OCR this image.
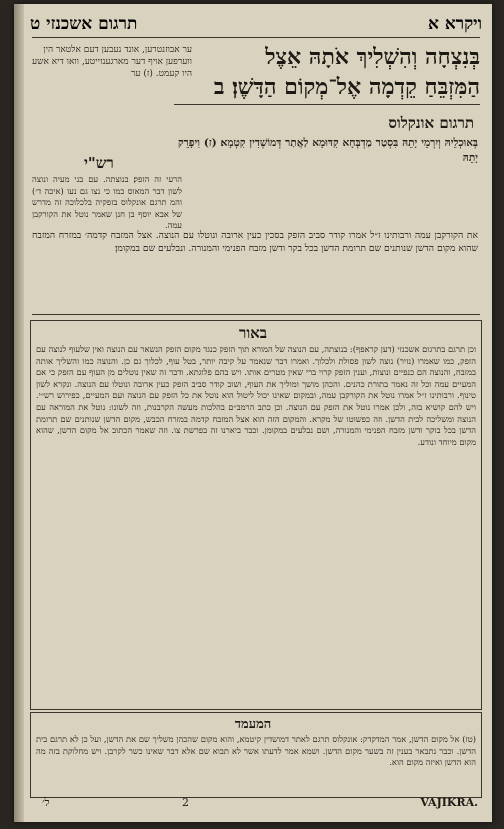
ויקרא א
תרגום אשכנזי ט
בְּנִצְחָה וְהִשְׁלִיךְ אֹתָהּ אֵצֶל
הַמִּזְבֵּחַ קֵדְמָה אֶל־מְקוֹם הַדָּשֶׁן׃ ב
ער אבוזנטרען, אונד נעבען דעם אלטאר הין ווערפען אויף דער מארגענזייטע, וואו דיא אשע היו קעמט. (ז) ער
תרגום אונקלוס
בְּאוּכְלֵיהּ וְיִרְמֵי יָתֵהּ בִּסְטַר מַדְבְּחָא קִדּוּמָא לַאֲתַר דְּמוֹשְׁדִין קִטְמָא׃ (ז) וִיפָרֵק יָתֵהּ
רש"י
הרעי זה הזפק׃ בנוצתה. עם בני מעיה ונוצה לשון דבר המאוס כמו כי נצו גם נעו (איכה ד׳) והמ תרגם אונקלוס בזפקיה בלכלוכה זה מדרש של אבא יוסף בן חנן שאמר נוטל את הקורקבן עמה.
את הקורקבן עמה ורבותינו ז״ל אמרו קודר סביב הזפק בסכין כעין ארובה ונוטלו עם הנוצה. אצל המזבח קדמה׳ במזרח המזבח שהוא מקום הדשן שנותנים שם תרומת הדשן בכל בקר ודשן מזבח הפנימי והמנורה. ונבלעים שם במקומן׃
באור
וכן תרגם בתרגום אשכנזי (דען קראפף): בנוצתה, עם הנוצה של המורא תוך הזפק כנגד מקום הזפק הנשאר עם הנוצה ואין שלעוף לנוצה עם הזפק, כמו שאמרו (נזיר) נוצה לשון פסולת ולכלוך. ואמרו דבר שנאמר על קיבה יותר, בטל עוף, לכלוך גם כן. והנוצה כמו והשליך אותה במזבח, והנוצה הם כנפיים ונוצות, וענין הזפק קרוי ברי שאין מטרים אותו. ויש בהם פלוגתא. ודבר זה שאין נוטלים מן העוף עם הזפק כי אם המעיים עמה וכל זה נאמר בתורת כהנים. והכהן מושך ומוליך את העוף, ושוב קודר סביב הזפק כעין ארובה ונוטלו עם הנוצה. ונקרא לשון טינוף. ורבותינו ז״ל אמרו נוטל את הקורקבן עמה, ובמקום שאינו יכול ליטול הוא נוטל את כל הזפק עם הנוצה ועם המעיים, כפירוש רש״י. ויש להם קושיא בזה, ולכן אמרו נוטל את הזפק עם הנוצה. וכן כתב הרמב״ם בהלכות מעשה הקרבנות, וזה לשונו: נוטל את המוראה עם הנוצה ומשליכה לבית הדשן. וזה כפשוטו של מקרא. והמקום הזה הוא אצל המזבח קדמה במזרח הכבש, מקום הדשן שנותנים שם תרומת הדשן בכל בוקר ודשן מזבח הפנימי והמנורה, ושם נבלעים במקומן. וכבר ביארנו זה בפרשת צו. וזה שאמר הכתוב אל מקום הדשן, שהוא מקום מיוחד ונודע.
המעמד
(טז) אל מקום הדשן, אמר המדקדק: אונקלוס תרגם לאתר דמושדין קיטמא, והוא מקום שהכהן משליך שם את הדשן, ועל כן לא תרגם בית הדשן. וכבר נתבאר בענין זה בשער מקום הדשן. ושמא אמר לדעתו אשר לא תבוא שם אלא דבר שאינו כשר לקרבן. ויש מחלוקת בזה מה הוא הדשן ואיזה מקום הוא.
ל׳	2	VAJIKRA.
